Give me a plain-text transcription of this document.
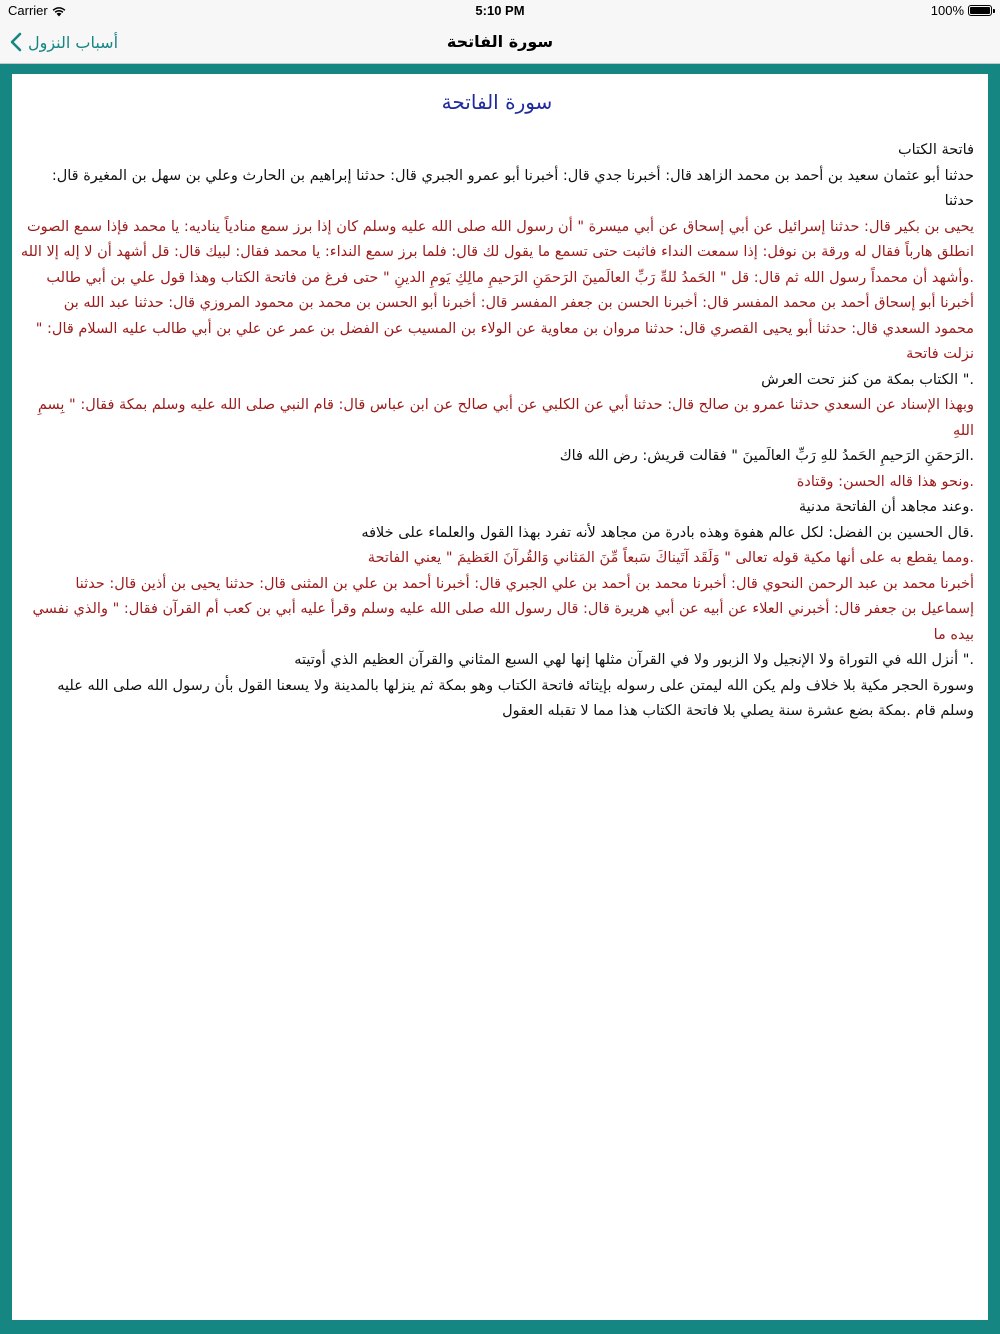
Carrier	5:10 PM	100%
أسباب النزول	سورة الفاتحة
سورة الفاتحة

فاتحة الكتاب

حدثنا أبو عثمان سعيد بن أحمد بن محمد الزاهد قال: أخبرنا جدي قال: أخبرنا أبو عمرو الجبري قال: حدثنا إبراهيم بن الحارث وعلي بن سهل بن المغيرة قال: حدثنا

يحيى بن بكير قال: حدثنا إسرائيل عن أبي إسحاق عن أبي ميسرة " أن رسول الله صلى الله عليه وسلم كان إذا برز سمع منادياً يناديه: يا محمد فإذا سمع الصوت انطلق هارباً فقال له ورقة بن نوفل: إذا سمعت النداء فاثبت حتى تسمع ما يقول لك قال: فلما برز سمع النداء: يا محمد فقال: لبيك قال: قل أشهد أن لا إله إلا الله .وأشهد أن محمداً رسول الله ثم قال: قل " الحَمدُ للهِّ رَبِّ العالَمينَ الرَحمَنِ الرَحيمِ مالِكِ يَومِ الدينِ " حتى فرغ من فاتحة الكتاب وهذا قول علي بن أبي طالب

أخبرنا أبو إسحاق أحمد بن محمد المفسر قال: أخبرنا الحسن بن جعفر المفسر قال: أخبرنا أبو الحسن بن محمد بن محمود المروزي قال: حدثنا عبد الله بن محمود السعدي قال: حدثنا أبو يحيى القصري قال: حدثنا مروان بن معاوية عن الولاء بن المسيب عن الفضل بن عمر عن علي بن أبي طالب عليه السلام قال: " نزلت فاتحة

." الكتاب بمكة من كنز تحت العرش

وبهذا الإسناد عن السعدي حدثنا عمرو بن صالح قال: حدثنا أبي عن الكلبي عن أبي صالح عن ابن عباس قال: قام النبي صلى الله عليه وسلم بمكة فقال: " بِسمِ اللهِ

.الرَحمَنِ الرَحيمِ الحَمدُ للهِ رَبِّ العالَمينَ " فقالت قريش: رض الله فاك

.ونحو هذا قاله الحسن: وقتادة

.وعند مجاهد أن الفاتحة مدنية

.قال الحسين بن الفضل: لكل عالم هفوة وهذه بادرة من مجاهد لأنه تفرد بهذا القول والعلماء على خلافه

.ومما يقطع به على أنها مكية قوله تعالى " وَلَقَد آتَيناكَ سَبعاً مِّنَ المَثاني وَالقُرآنَ العَظيمَ " يعني الفاتحة

أخبرنا محمد بن عبد الرحمن النحوي قال: أخبرنا محمد بن أحمد بن علي الجبري قال: أخبرنا أحمد بن علي بن المثنى قال: حدثنا يحيى بن أذين قال: حدثنا

إسماعيل بن جعفر قال: أخبرني العلاء عن أبيه عن أبي هريرة قال: قال رسول الله صلى الله عليه وسلم وقرأ عليه أبي بن كعب أم القرآن فقال: " والذي نفسي بيده ما

." أنزل الله في التوراة ولا الإنجيل ولا الزبور ولا في القرآن مثلها إنها لهي السبع المثاني والقرآن العظيم الذي أوتيته

وسورة الحجر مكية بلا خلاف ولم يكن الله ليمتن على رسوله بإيتائه فاتحة الكتاب وهو بمكة ثم ينزلها بالمدينة ولا يسعنا القول بأن رسول الله صلى الله عليه وسلم قام .بمكة بضع عشرة سنة يصلي بلا فاتحة الكتاب هذا مما لا تقبله العقول
